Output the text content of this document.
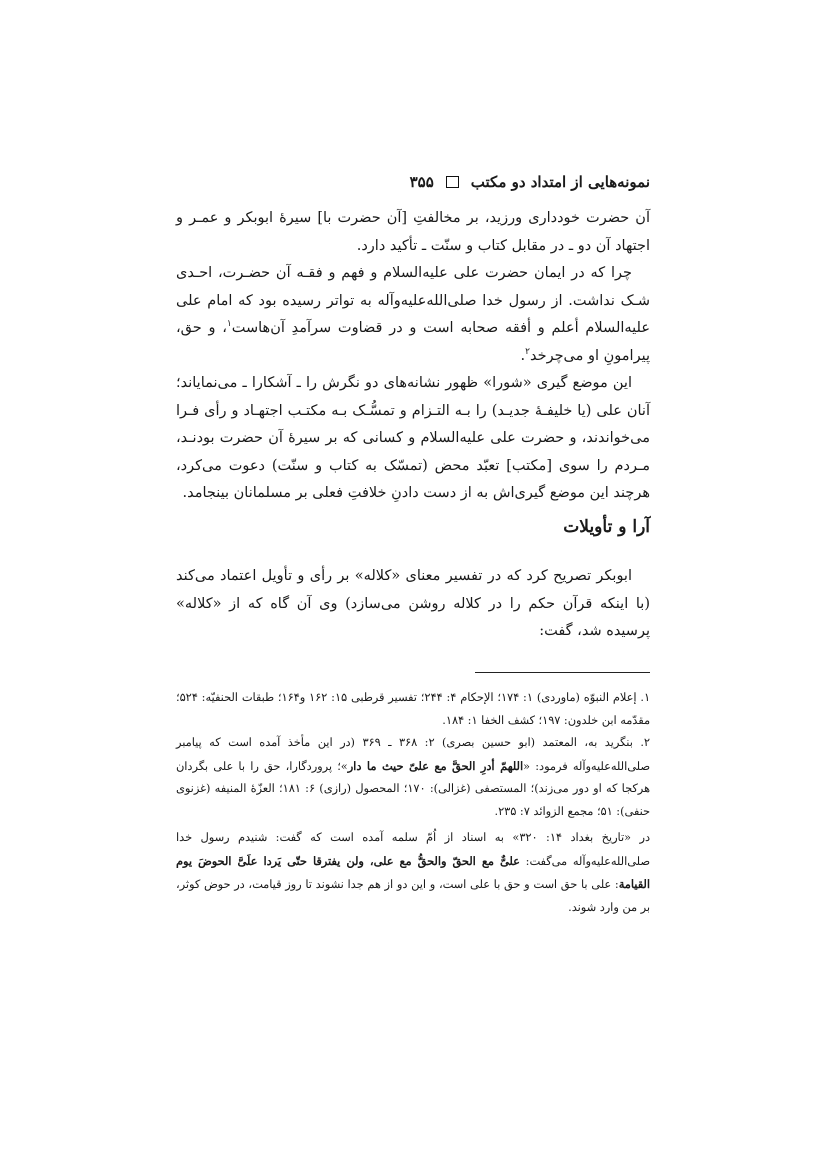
نمونه‌هایی از امتداد دو مکتب
۳۵۵

آن حضرت خودداری ورزید، بر مخالفتِ [آن حضرت با] سیرهٔ ابوبکر و عمـر و اجتهاد آن دو ـ در مقابل کتاب و سنّت ـ تأکید دارد.

چرا که در ایمان حضرت علی علیه‌السلام و فهم و فقـه آن حضـرت، احـدی شـک نداشت. از رسول خدا صلی‌الله‌علیه‌وآله به تواتر رسیده بود که امام علی علیه‌السلام أعلم و أفقه صحابه است و در قضاوت سرآمدِ آن‌هاست$^۱$، و حق، پیرامونِ او می‌چرخد$^۲$.

این موضع گیری «شورا» ظهور نشانه‌های دو نگرش را ـ آشکارا ـ می‌نمایاند؛ آنان علی (یا خلیفـهٔ جدیـد) را بـه التـزام و تمسُّـک بـه مکتـب اجتهـاد و رأی فـرا می‌خواندند، و حضرت علی علیه‌السلام و کسانی که بر سیرهٔ آن حضرت بودنـد، مـردم را سوی [مکتب] تعبّد محض (تمسّک به کتاب و سنّت) دعوت می‌کرد، هرچند این موضع گیری‌اش به از دست دادنِ خلافتِ فعلی بر مسلمانان بینجامد.

آرا و تأویلات

ابوبکر تصریح کرد که در تفسیر معنای «کلاله» بر رأی و تأویل اعتماد می‌کند (با اینکه قرآن حکم را در کلاله روشن می‌سازد) وی آن گاه که از «کلاله» پرسیده شد، گفت:

۱. إعلام النبوّه (ماوردی) ۱: ۱۷۴؛ الإحکام ۴: ۲۴۴؛ تفسیر قرطبی ۱۵: ۱۶۲ و۱۶۴؛ طبقات الحنفیّه: ۵۲۴؛ مقدّمه ابن خلدون: ۱۹۷؛ کشف الخفا ۱: ۱۸۴.

۲. بنگرید به، المعتمد (ابو حسین بصری) ۲: ۳۶۸ ـ ۳۶۹ (در این مأخذ آمده است که پیامبر صلی‌الله‌علیه‌وآله فرمود: «اللهمّ أدرِ الحقَّ مع علیّ حیث ما دار»؛ پروردگارا، حق را با علی بگردان هرکجا که او دور می‌زند)؛ المستصفی (غزالی): ۱۷۰؛ المحصول (رازی) ۶: ۱۸۱؛ العزّهٔ المنیفه (غزنوی حنفی): ۵۱؛ مجمع الزوائد ۷: ۲۳۵.

در «تاریخ بغداد ۱۴: ۳۲۰» به اسناد از اُمّ سلمه آمده است که گفت: شنیدم رسول خدا صلی‌الله‌علیه‌وآله می‌گفت: علیٌّ مع الحقّ والحقُّ مع علی، ولن یفترقا حتّی یَردا علَیَّ الحوضَ یوم القیامة: علی با حق است و حق با علی است، و این دو از هم جدا نشوند تا روز قیامت، در حوض کوثر، بر من وارد شوند.
